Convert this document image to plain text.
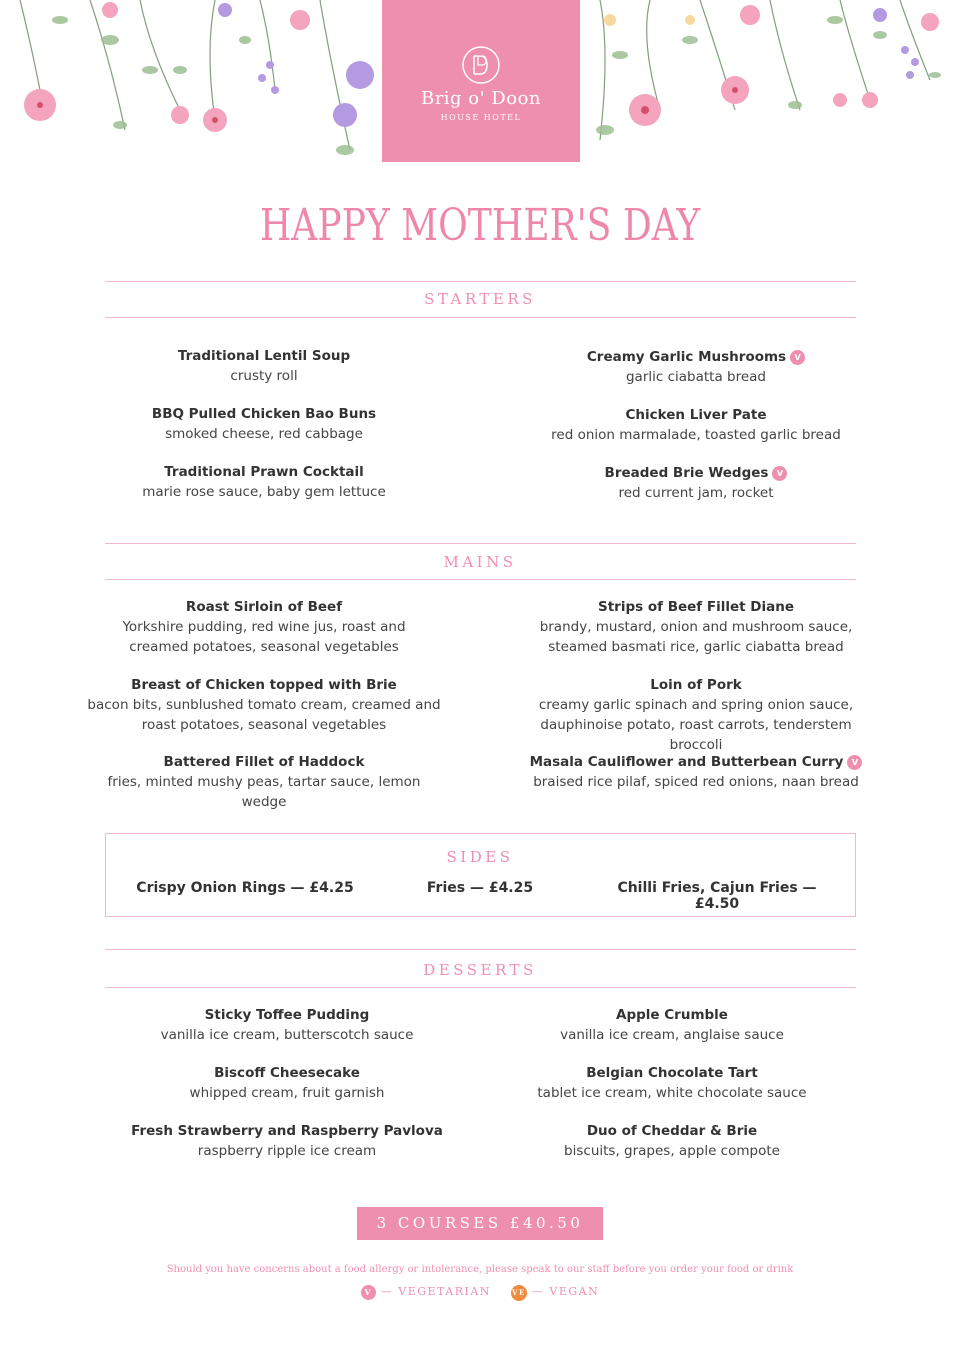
Brig o' Doon
HOUSE HOTEL
HAPPY MOTHER'S DAY
STARTERS
Traditional Lentil Soup
crusty roll
BBQ Pulled Chicken Bao Buns
smoked cheese, red cabbage
Traditional Prawn Cocktail
marie rose sauce, baby gem lettuce
Creamy Garlic Mushrooms V
garlic ciabatta bread
Chicken Liver Pate
red onion marmalade, toasted garlic bread
Breaded Brie Wedges V
red current jam, rocket
MAINS
Roast Sirloin of Beef
Yorkshire pudding, red wine jus, roast and
creamed potatoes, seasonal vegetables
Breast of Chicken topped with Brie
bacon bits, sunblushed tomato cream, creamed and
roast potatoes, seasonal vegetables
Battered Fillet of Haddock
fries, minted mushy peas, tartar sauce, lemon wedge
Strips of Beef Fillet Diane
brandy, mustard, onion and mushroom sauce,
steamed basmati rice, garlic ciabatta bread
Loin of Pork
creamy garlic spinach and spring onion sauce,
dauphinoise potato, roast carrots, tenderstem broccoli
Masala Cauliflower and Butterbean Curry V
braised rice pilaf, spiced red onions, naan bread
SIDES
Crispy Onion Rings — £4.25	Fries — £4.25	Chilli Fries, Cajun Fries — £4.50
DESSERTS
Sticky Toffee Pudding
vanilla ice cream, butterscotch sauce
Biscoff Cheesecake
whipped cream, fruit garnish
Fresh Strawberry and Raspberry Pavlova
raspberry ripple ice cream
Apple Crumble
vanilla ice cream, anglaise sauce
Belgian Chocolate Tart
tablet ice cream, white chocolate sauce
Duo of Cheddar & Brie
biscuits, grapes, apple compote
3 COURSES £40.50
Should you have concerns about a food allergy or intolerance, please speak to our staff before you order your food or drink
V — VEGETARIAN	VE — VEGAN
